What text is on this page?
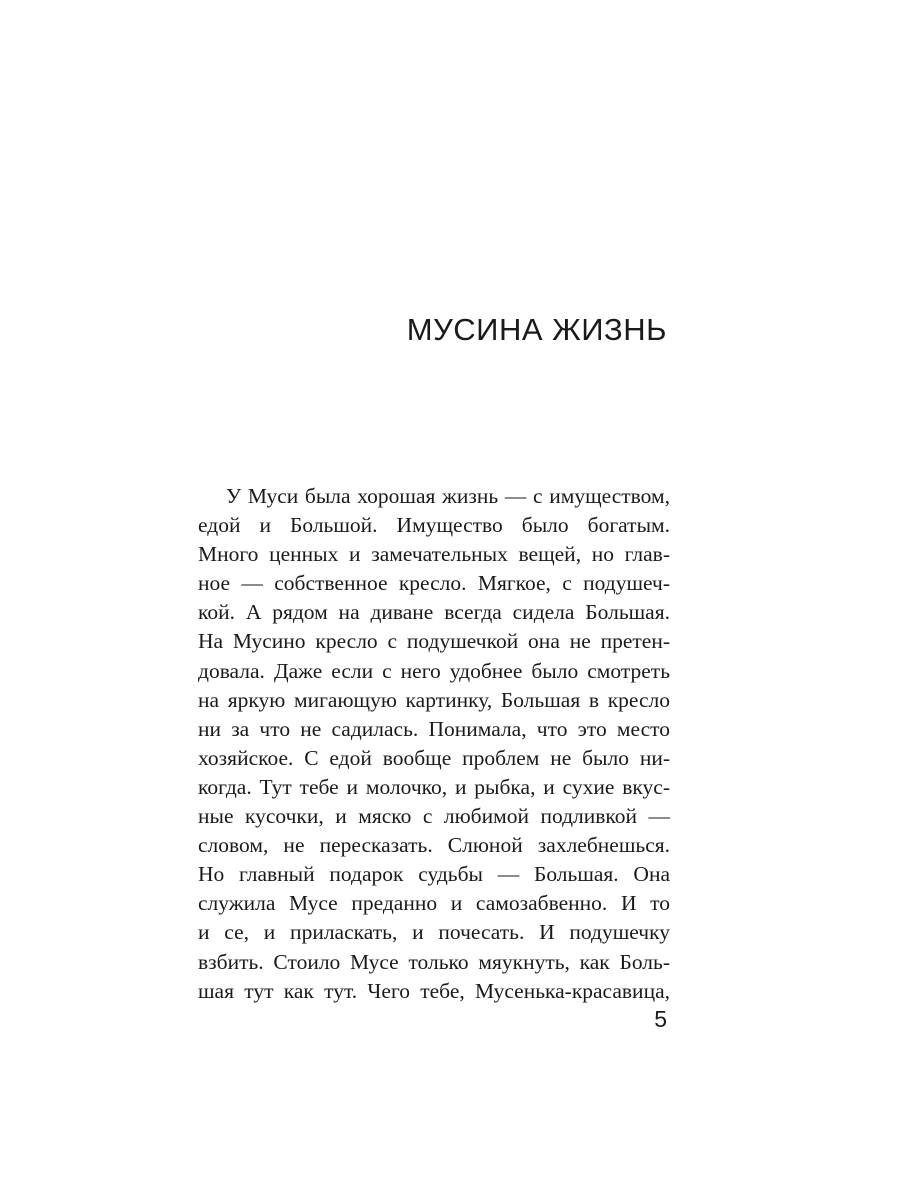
МУСИНА ЖИЗНЬ
У Муси была хорошая жизнь — с имуществом,
едой и Большой. Имущество было богатым.
Много ценных и замечательных вещей, но глав-
ное — собственное кресло. Мягкое, с подушеч-
кой. А рядом на диване всегда сидела Большая.
На Мусино кресло с подушечкой она не претен-
довала. Даже если с него удобнее было смотреть
на яркую мигающую картинку, Большая в кресло
ни за что не садилась. Понимала, что это место
хозяйское. С едой вообще проблем не было ни-
когда. Тут тебе и молочко, и рыбка, и сухие вкус-
ные кусочки, и мяско с любимой подливкой —
словом, не пересказать. Слюной захлебнешься.
Но главный подарок судьбы — Большая. Она
служила Мусе преданно и самозабвенно. И то
и се, и приласкать, и почесать. И подушечку
взбить. Стоило Мусе только мяукнуть, как Боль-
шая тут как тут. Чего тебе, Мусенька-красавица,
5
